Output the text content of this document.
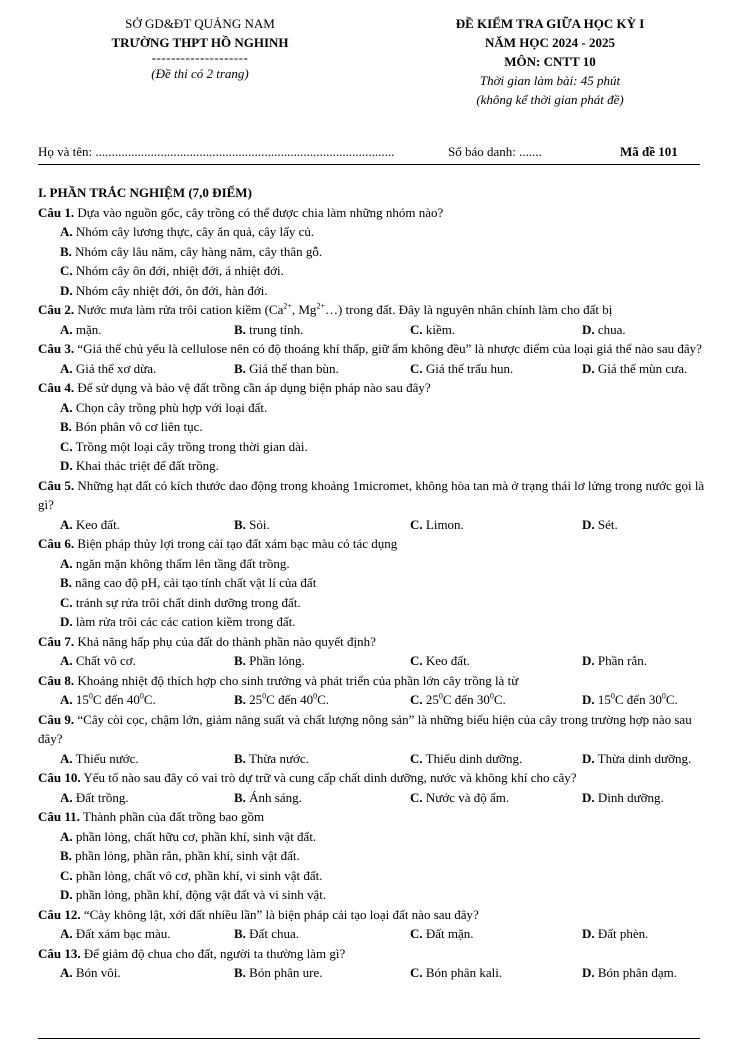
SỞ GD&ĐT QUẢNG NAM
TRƯỜNG THPT HỒ NGHINH
--------------------
(Đề thi có 2 trang)
ĐỀ KIỂM TRA GIỮA HỌC KỲ I
NĂM HỌC 2024 - 2025
MÔN: CNTT 10
Thời gian làm bài: 45 phút
(không kể thời gian phát đề)
Họ và tên: ............................................................................................	Số báo danh: .......	Mã đề 101
I. PHẦN TRẮC NGHIỆM (7,0 ĐIỂM)
Câu 1. Dựa vào nguồn gốc, cây trồng có thể được chia làm những nhóm nào?
A. Nhóm cây lương thực, cây ăn quả, cây lấy củ.
B. Nhóm cây lâu năm, cây hàng năm, cây thân gỗ.
C. Nhóm cây ôn đới, nhiệt đới, á nhiệt đới.
D. Nhóm cây nhiệt đới, ôn đới, hàn đới.
Câu 2. Nước mưa làm rửa trôi cation kiềm ($Ca^{2+}$, $Mg^{2+}\dots$) trong đất. Đây là nguyên nhân chính làm cho đất bị
A. mặn.	B. trung tính.	C. kiềm.	D. chua.
Câu 3. “Giá thể chủ yếu là cellulose nên có độ thoáng khí thấp, giữ ẩm không đều” là nhược điểm của loại giá thể nào sau đây?
A. Giá thể xơ dừa.	B. Giá thể than bùn.	C. Giá thể trấu hun.	D. Giá thể mùn cưa.
Câu 4. Để sử dụng và bảo vệ đất trồng cần áp dụng biện pháp nào sau đây?
A. Chọn cây trồng phù hợp với loại đất.
B. Bón phân vô cơ liên tục.
C. Trồng một loại cây trồng trong thời gian dài.
D. Khai thác triệt để đất trồng.
Câu 5. Những hạt đất có kích thước dao động trong khoảng 1micromet, không hòa tan mà ở trạng thái lơ lửng trong nước gọi là gì?
A. Keo đất.	B. Sỏi.	C. Limon.	D. Sét.
Câu 6. Biện pháp thủy lợi trong cải tạo đất xám bạc màu có tác dụng
A. ngăn mặn không thấm lên tầng đất trồng.
B. nâng cao độ pH, cải tạo tính chất vật lí của đất
C. tránh sự rửa trôi chất dinh dưỡng trong đất.
D. làm rửa trôi các các cation kiềm trong đất.
Câu 7. Khả năng hấp phụ của đất do thành phần nào quyết định?
A. Chất vô cơ.	B. Phần lỏng.	C. Keo đất.	D. Phần rắn.
Câu 8. Khoảng nhiệt độ thích hợp cho sinh trưởng và phát triển của phần lớn cây trồng là từ
A. $15^0C$ đến $40^0C$.	B. $25^0C$ đến $40^0C$.	C. $25^0C$ đến $30^0C$.	D. $15^0C$ đến $30^0C$.
Câu 9. “Cây còi cọc, chậm lớn, giảm năng suất và chất lượng nông sản” là những biểu hiện của cây trong trường hợp nào sau đây?
A. Thiếu nước.	B. Thừa nước.	C. Thiếu dinh dưỡng.	D. Thừa dinh dưỡng.
Câu 10. Yếu tố nào sau đây có vai trò dự trữ và cung cấp chất dinh dưỡng, nước và không khí cho cây?
A. Đất trồng.	B. Ánh sáng.	C. Nước và độ ẩm.	D. Dinh dưỡng.
Câu 11. Thành phần của đất trồng bao gồm
A. phần lỏng, chất hữu cơ, phần khí, sinh vật đất.
B. phần lỏng, phần rắn, phần khí, sinh vật đất.
C. phần lỏng, chất vô cơ, phần khí, vi sinh vật đất.
D. phần lỏng, phần khí, động vật đất và vi sinh vật.
Câu 12. “Cày không lật, xới đất nhiều lần” là biện pháp cải tạo loại đất nào sau đây?
A. Đất xám bạc màu.	B. Đất chua.	C. Đất mặn.	D. Đất phèn.
Câu 13. Để giảm độ chua cho đất, người ta thường làm gì?
A. Bón vôi.	B. Bón phân ure.	C. Bón phân kali.	D. Bón phân đạm.
